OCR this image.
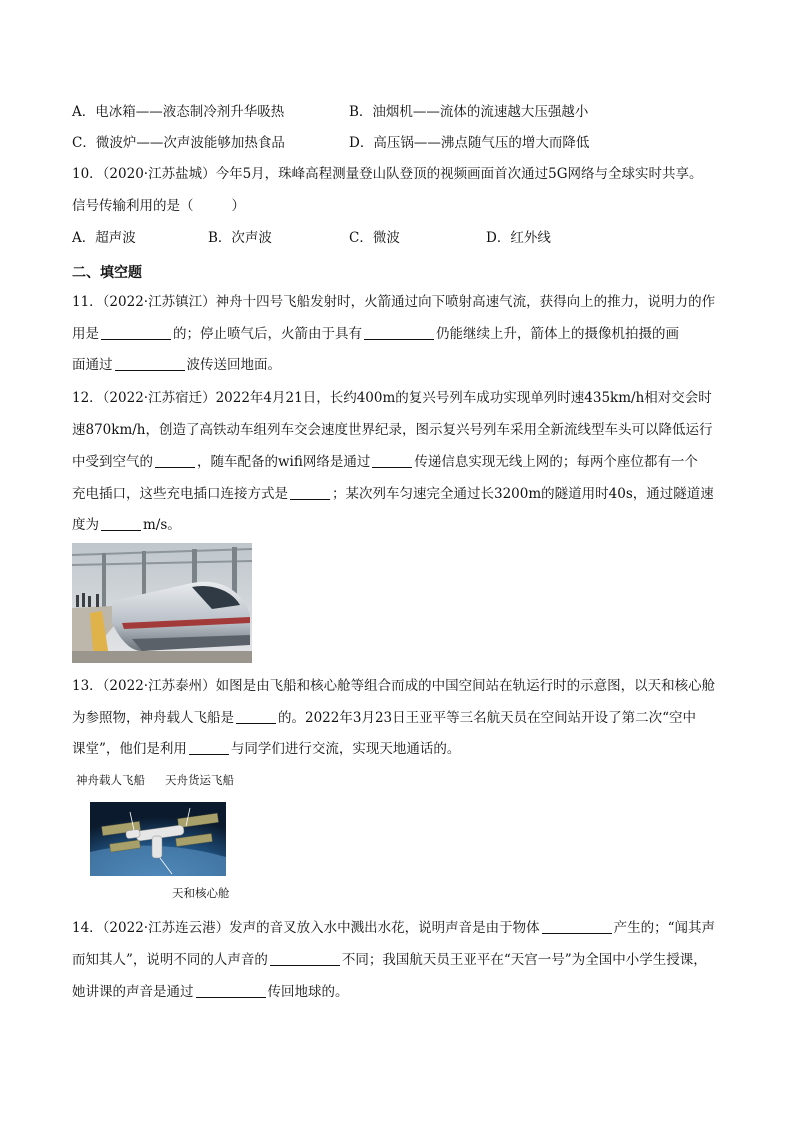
A．电冰箱——液态制冷剂升华吸热	B．油烟机——流体的流速越大压强越小
C．微波炉——次声波能够加热食品	D．高压锅——沸点随气压的增大而降低
10．（2020·江苏盐城）今年5月，珠峰高程测量登山队登顶的视频画面首次通过5G网络与全球实时共享。
信号传输利用的是（	）
A．超声波	B．次声波	C．微波	D．红外线
二、填空题
11．（2022·江苏镇江）神舟十四号飞船发射时，火箭通过向下喷射高速气流，获得向上的推力，说明力的作
用是	的；停止喷气后，火箭由于具有	仍能继续上升，箭体上的摄像机拍摄的画
面通过	波传送回地面。
12．（2022·江苏宿迁）2022年4月21日，长约400m的复兴号列车成功实现单列时速435km/h相对交会时
速870km/h，创造了高铁动车组列车交会速度世界纪录，图示复兴号列车采用全新流线型车头可以降低运行
中受到空气的	，随车配备的wifi网络是通过	传递信息实现无线上网的；每两个座位都有一个
充电插口，这些充电插口连接方式是	；某次列车匀速完全通过长3200m的隧道用时40s，通过隧道速
度为	m/s。
13．（2022·江苏泰州）如图是由飞船和核心舱等组合而成的中国空间站在轨运行时的示意图，以天和核心舱
为参照物，神舟载人飞船是	的。2022年3月23日王亚平等三名航天员在空间站开设了第二次“空中
课堂”，他们是利用	与同学们进行交流，实现天地通话的。
神舟载人飞船 天舟货运飞船
天和核心舱
14．（2022·江苏连云港）发声的音叉放入水中溅出水花，说明声音是由于物体	产生的；“闻其声
而知其人”，说明不同的人声音的	不同；我国航天员王亚平在“天宫一号”为全国中小学生授课，
她讲课的声音是通过	传回地球的。
